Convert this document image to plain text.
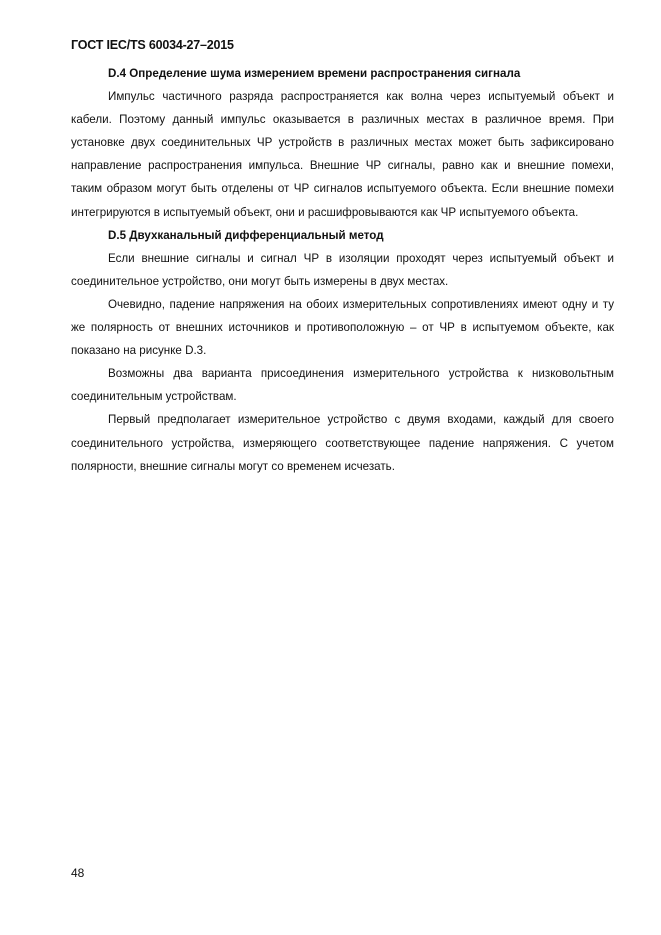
ГОСТ IEC/TS 60034-27–2015
D.4 Определение шума измерением времени распространения сигнала

Импульс частичного разряда распространяется как волна через испытуемый объект и кабели. Поэтому данный импульс оказывается в различных местах в различное время. При установке двух соединительных ЧР устройств в различных местах может быть зафиксировано направление распространения импульса. Внешние ЧР сигналы, равно как и внешние помехи, таким образом могут быть отделены от ЧР сигналов испытуемого объекта. Если внешние помехи интегрируются в испытуемый объект, они и расшифровываются как ЧР испытуемого объекта.

D.5 Двухканальный дифференциальный метод

Если внешние сигналы и сигнал ЧР в изоляции проходят через испытуемый объект и соединительное устройство, они могут быть измерены в двух местах.

Очевидно, падение напряжения на обоих измерительных сопротивлениях имеют одну и ту же полярность от внешних источников и противоположную – от ЧР в испытуемом объекте, как показано на рисунке D.3.

Возможны два варианта присоединения измерительного устройства к низковольтным соединительным устройствам.

Первый предполагает измерительное устройство с двумя входами, каждый для своего соединительного устройства, измеряющего соответствующее падение напряжения. С учетом полярности, внешние сигналы могут со временем исчезать.

48
